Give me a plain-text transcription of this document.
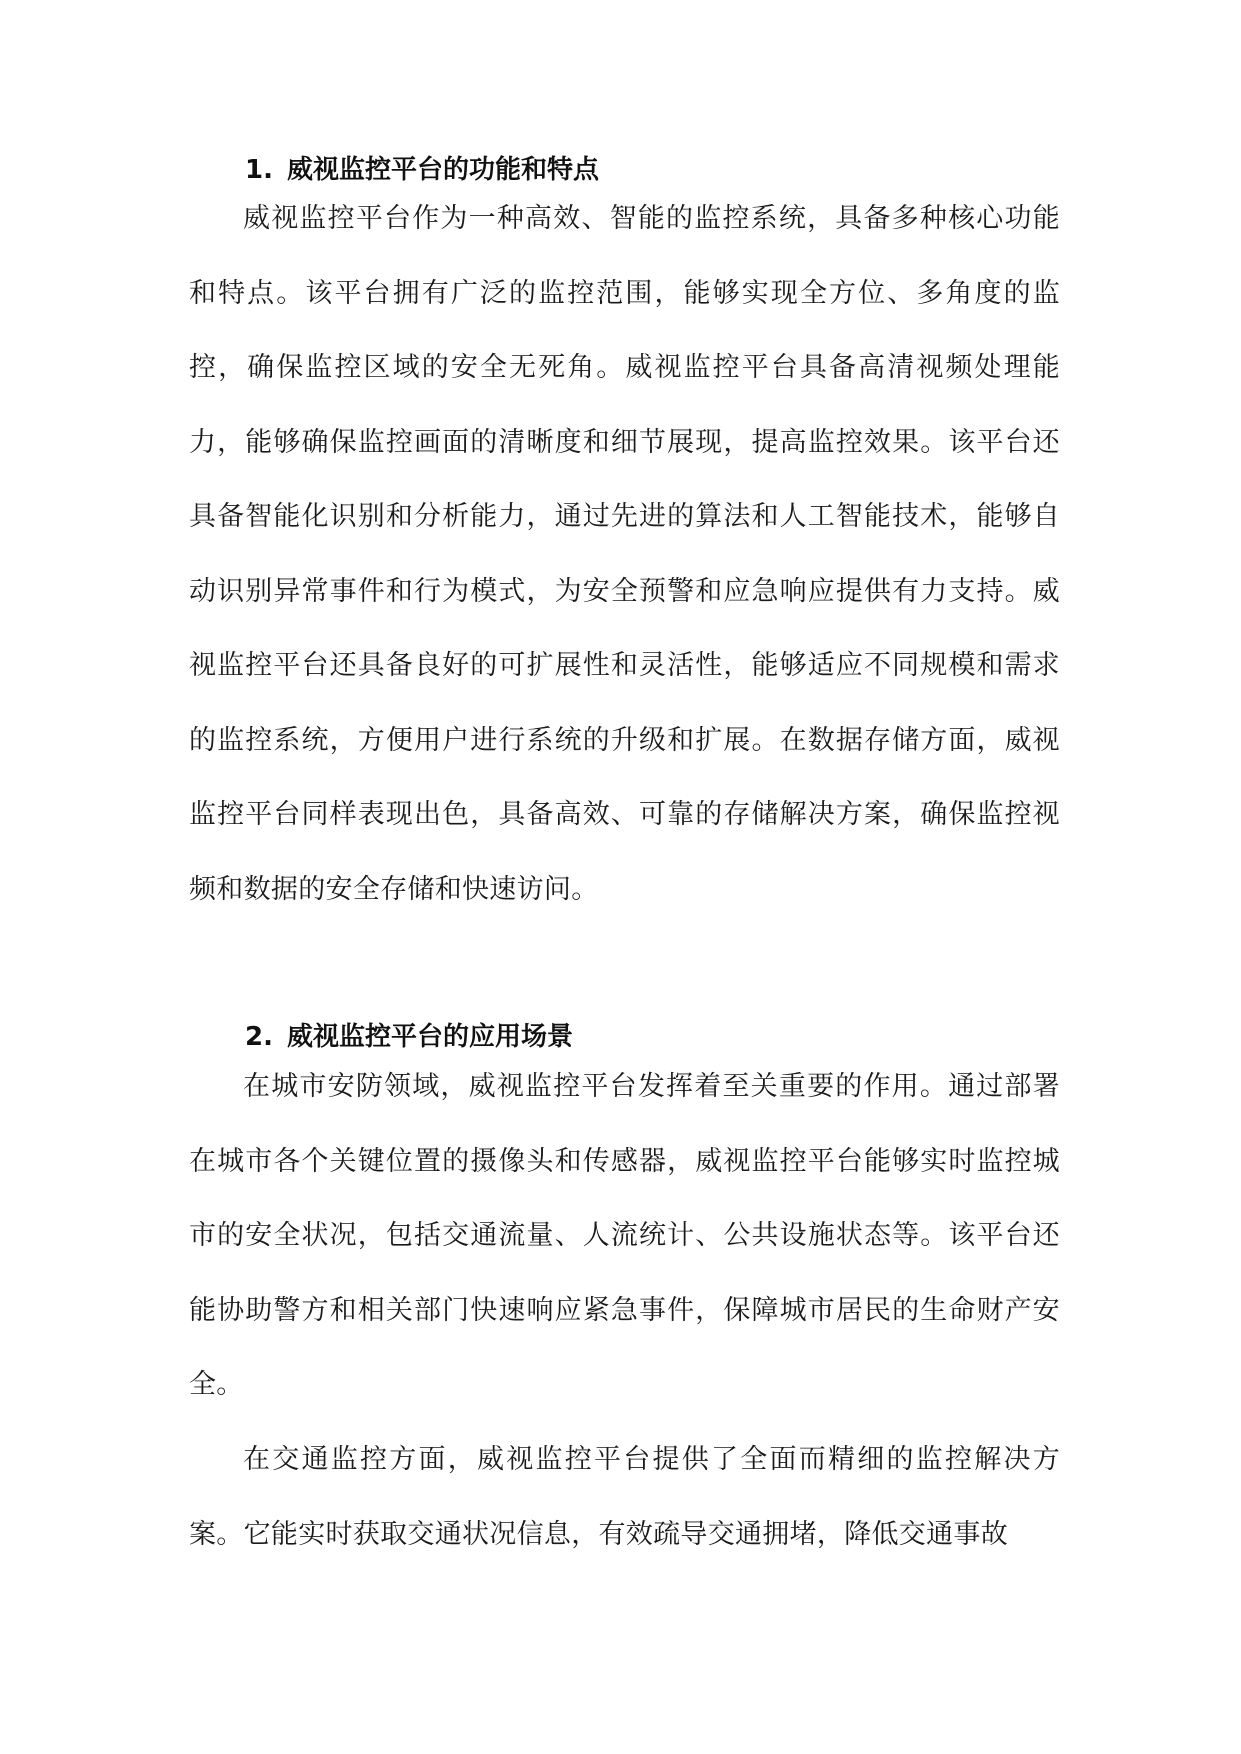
1. 威视监控平台的功能和特点

威视监控平台作为一种高效、智能的监控系统，具备多种核心功能和特点。该平台拥有广泛的监控范围，能够实现全方位、多角度的监控，确保监控区域的安全无死角。威视监控平台具备高清视频处理能力，能够确保监控画面的清晰度和细节展现，提高监控效果。该平台还具备智能化识别和分析能力，通过先进的算法和人工智能技术，能够自动识别异常事件和行为模式，为安全预警和应急响应提供有力支持。威视监控平台还具备良好的可扩展性和灵活性，能够适应不同规模和需求的监控系统，方便用户进行系统的升级和扩展。在数据存储方面，威视监控平台同样表现出色，具备高效、可靠的存储解决方案，确保监控视频和数据的安全存储和快速访问。

2. 威视监控平台的应用场景

在城市安防领域，威视监控平台发挥着至关重要的作用。通过部署在城市各个关键位置的摄像头和传感器，威视监控平台能够实时监控城市的安全状况，包括交通流量、人流统计、公共设施状态等。该平台还能协助警方和相关部门快速响应紧急事件，保障城市居民的生命财产安全。

在交通监控方面，威视监控平台提供了全面而精细的监控解决方案。它能实时获取交通状况信息，有效疏导交通拥堵，降低交通事故
